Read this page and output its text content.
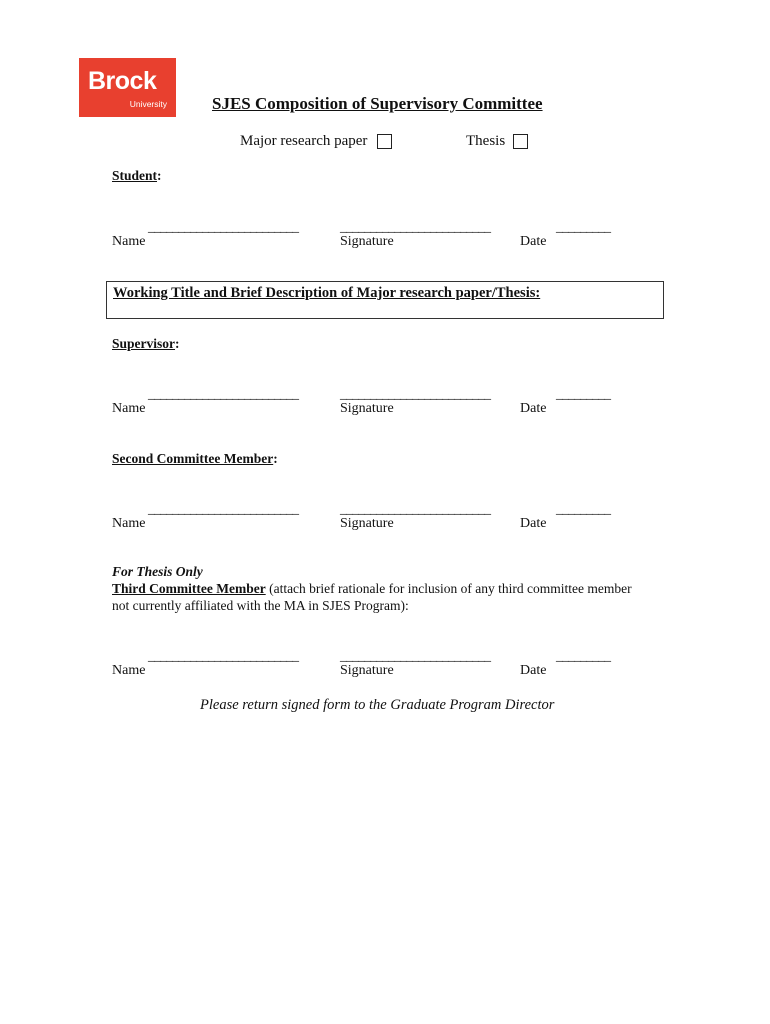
Brock
University	SJES Composition of Supervisory Committee
Major research paper	Thesis
Student:
_________________________	_________________________	_________
Name	Signature	Date
Working Title and Brief Description of Major research paper/Thesis:
Supervisor:
_________________________	_________________________	_________
Name	Signature	Date
Second Committee Member:
_________________________	_________________________	_________
Name	Signature	Date
For Thesis Only
Third Committee Member (attach brief rationale for inclusion of any third committee member
not currently affiliated with the MA in SJES Program):
_________________________	_________________________	_________
Name	Signature	Date
Please return signed form to the Graduate Program Director
